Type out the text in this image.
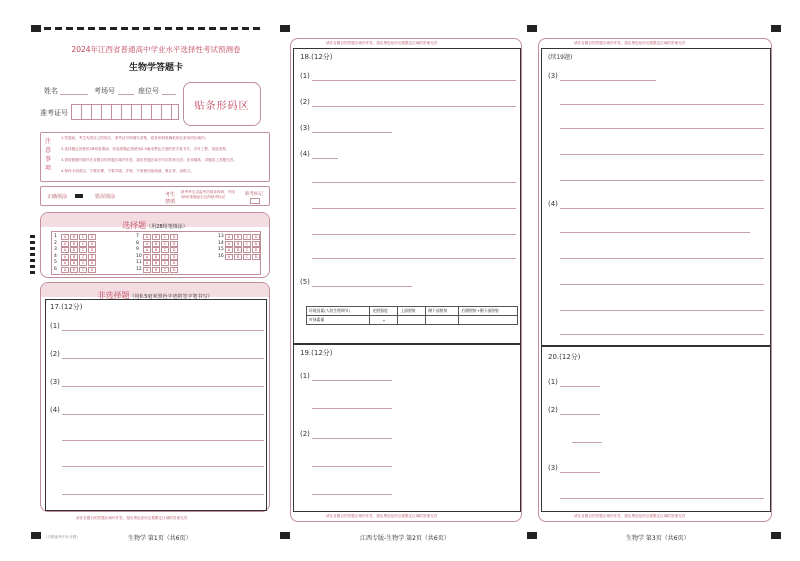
2024年江西省普通高中学业水平选择性考试预测卷
生物学答题卡
姓名	考场号	座位号
准考证号
贴条形码区
注意事项
1.答题前，考生先将自己的姓名、准考证号码填写清楚，将条形码准确粘贴在条形码区域内。
2.选择题必须使用2B铅笔填涂；非选择题必须使用0.5毫米黑色字迹的签字笔书写，字体工整、笔迹清楚。
3.请按照题号顺序在各题目的答题区域内作答，超出答题区域书写的答案无效；在草稿纸、试题卷上答题无效。
4.保持卡面清洁，不要折叠，不要弄破、弄皱，不准使用涂改液、修正带、刮纸刀。
正确填涂	错误填涂	考生禁填
缺考考生由监考员贴条形码，并用2B铅笔填涂右边的缺考标记	缺考标记
选择题（用2B铅笔填涂）
1	A	B	C	D
2	A	B	C	D
3	A	B	C	D
4	A	B	C	D
5	A	B	C	D
6	A	B	C	D
7	A	B	C	D
8	A	B	C	D
9	A	B	C	D
10	A	B	C	D
11	A	B	C	D
12	A	B	C	D
13	A	B	C	D
14	A	B	C	D
15	A	B	C	D
16	A	B	C	D
非选择题（用0.5毫米黑色字迹的签字笔书写）
17.(12分)
(1)
(2)
(3)
(4)
请在各题目的答题区域内作答，超出黑色矩形边框限定区域的答案无效
（只做参考不计分数）	生物学 第1页（共6页）
请在各题目的答题区域内作答，超出黑色矩形边框限定区域的答案无效
18.(12分)
(1)
(2)
(3)
(4)
(5)
环境因素(人的生理调节)	光照强度	上部照射	侧下部照射	后侧照射+侧下部照射
叶绿素量	+			
19.(12分)
(1)
(2)
请在各题目的答题区域内作答，超出黑色矩形边框限定区域的答案无效
江西专版-生物学 第2页（共6页）
请在各题目的答题区域内作答，超出黑色矩形边框限定区域的答案无效
(续19题)
(3)
(4)
20.(12分)
(1)
(2)
(3)
请在各题目的答题区域内作答，超出黑色矩形边框限定区域的答案无效
生物学 第3页（共6页）
